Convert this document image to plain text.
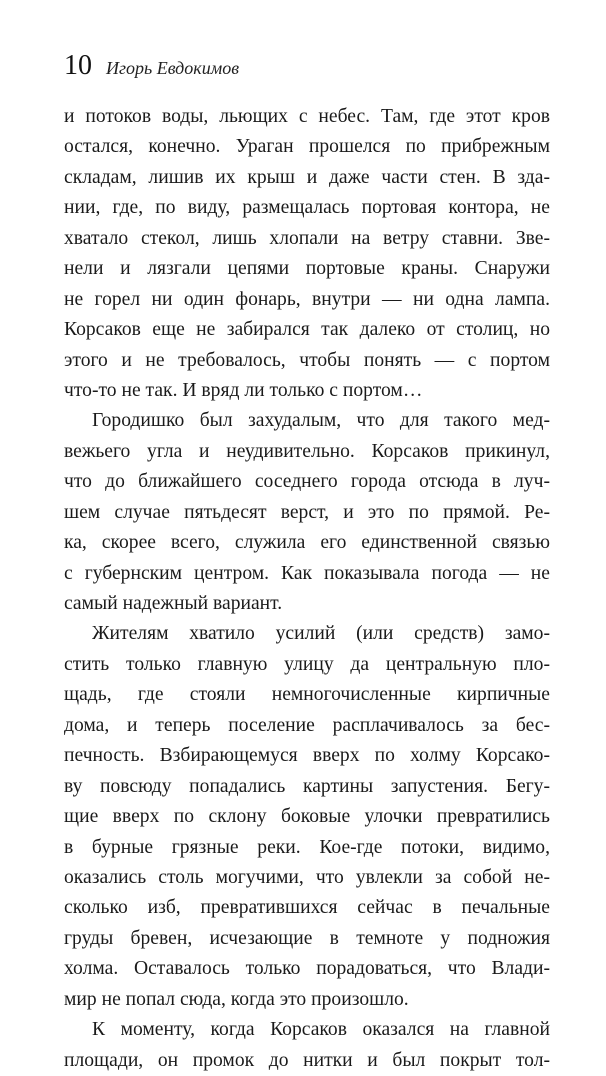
10 Игорь Евдокимов
и потоков воды, льющих с небес. Там, где этот кров
остался, конечно. Ураган прошелся по прибрежным
складам, лишив их крыш и даже части стен. В зда-
нии, где, по виду, размещалась портовая контора, не
хватало стекол, лишь хлопали на ветру ставни. Зве-
нели и лязгали цепями портовые краны. Снаружи
не горел ни один фонарь, внутри — ни одна лампа.
Корсаков еще не забирался так далеко от столиц, но
этого и не требовалось, чтобы понять — с портом
что-то не так. И вряд ли только с портом…
Городишко был захудалым, что для такого мед-
вежьего угла и неудивительно. Корсаков прикинул,
что до ближайшего соседнего города отсюда в луч-
шем случае пятьдесят верст, и это по прямой. Ре-
ка, скорее всего, служила его единственной связью
с губернским центром. Как показывала погода — не
самый надежный вариант.
Жителям хватило усилий (или средств) замо-
стить только главную улицу да центральную пло-
щадь, где стояли немногочисленные кирпичные
дома, и теперь поселение расплачивалось за бес-
печность. Взбирающемуся вверх по холму Корсако-
ву повсюду попадались картины запустения. Бегу-
щие вверх по склону боковые улочки превратились
в бурные грязные реки. Кое-где потоки, видимо,
оказались столь могучими, что увлекли за собой не-
сколько изб, превратившихся сейчас в печальные
груды бревен, исчезающие в темноте у подножия
холма. Оставалось только порадоваться, что Влади-
мир не попал сюда, когда это произошло.
К моменту, когда Корсаков оказался на главной
площади, он промок до нитки и был покрыт тол-
